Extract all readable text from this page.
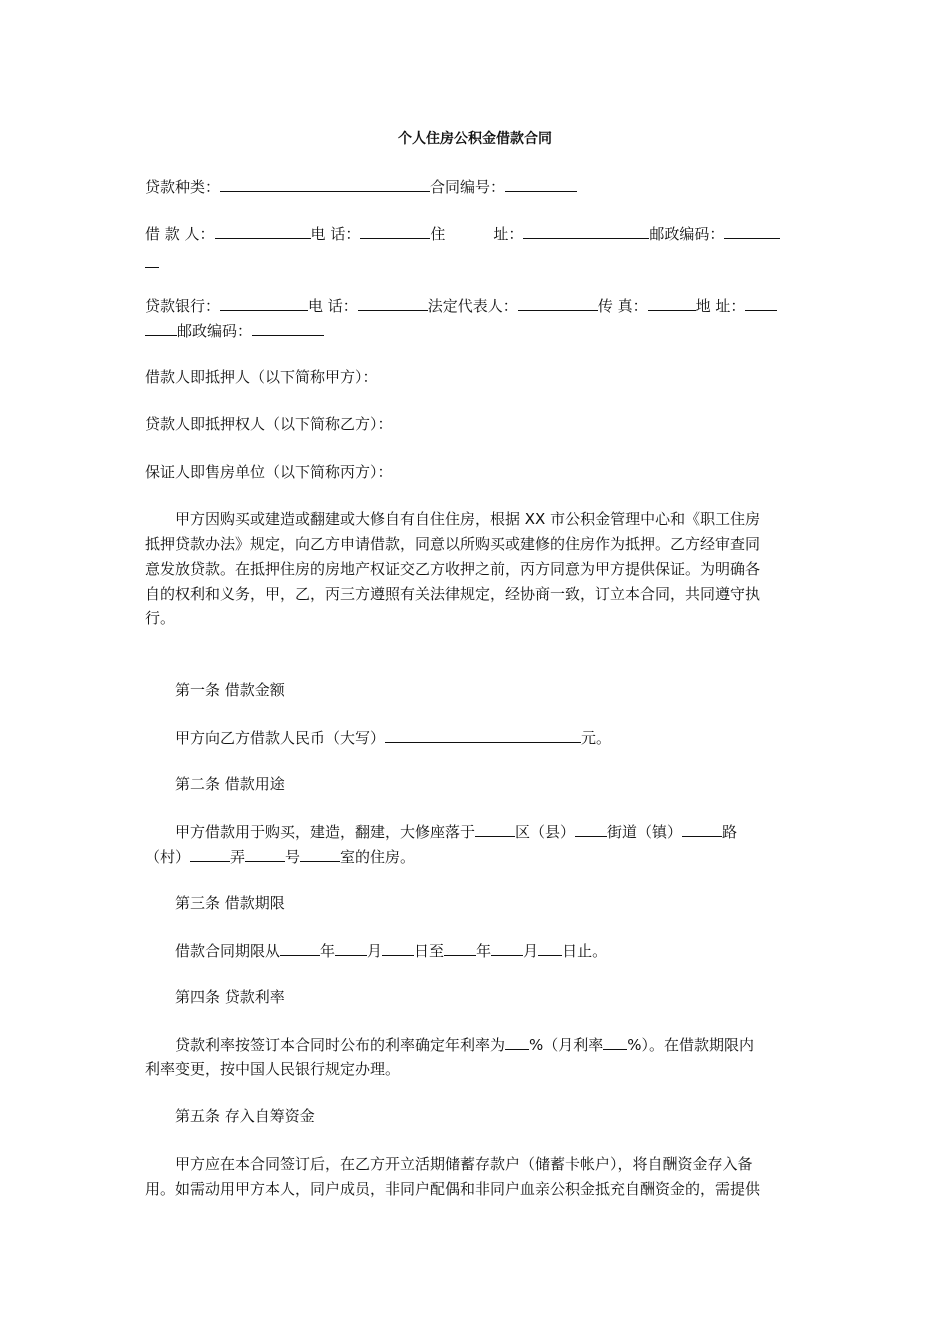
个人住房公积金借款合同
贷款种类：	合同编号：
借 款 人：	电 话：	住	址：	邮政编码：
贷款银行：	电 话：	法定代表人：	传 真：	地 址：
邮政编码：
借款人即抵押人（以下简称甲方）：
贷款人即抵押权人（以下简称乙方）：
保证人即售房单位（以下简称丙方）：
甲方因购买或建造或翻建或大修自有自住住房，根据 XX 市公积金管理中心和《职工住房
抵押贷款办法》规定，向乙方申请借款，同意以所购买或建修的住房作为抵押。乙方经审查同
意发放贷款。在抵押住房的房地产权证交乙方收押之前，丙方同意为甲方提供保证。为明确各
自的权利和义务，甲，乙，丙三方遵照有关法律规定，经协商一致，订立本合同，共同遵守执
行。
第一条 借款金额
甲方向乙方借款人民币（大写）	元。
第二条 借款用途
甲方借款用于购买，建造，翻建，大修座落于	区（县） 街道（镇）	路
（村）	弄	号	室的住房。
第三条 借款期限
借款合同期限从	年 月 日至 年 月 日止。
第四条 贷款利率
贷款利率按签订本合同时公布的利率确定年利率为 %（月利率 %）。在借款期限内
利率变更，按中国人民银行规定办理。
第五条 存入自筹资金
甲方应在本合同签订后，在乙方开立活期储蓄存款户（储蓄卡帐户），将自酬资金存入备
用。如需动用甲方本人，同户成员，非同户配偶和非同户血亲公积金抵充自酬资金的，需提供
